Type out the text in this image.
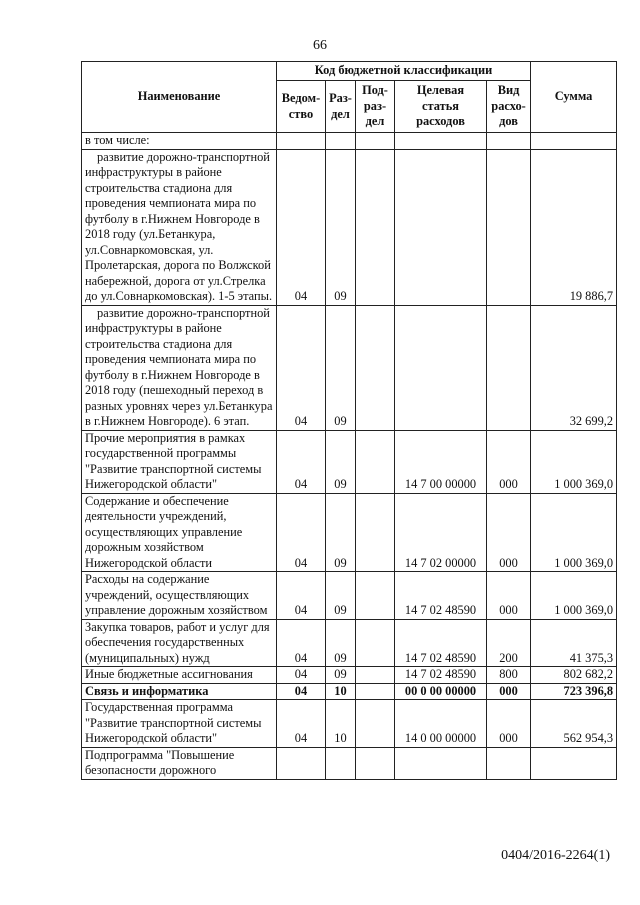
66
Наименование	Код бюджетной классификации					Сумма
	Ведом-ство	Раз-дел	Под-раз-дел	Целевая статья расходов	Вид расхо-дов	

в том числе:						

развитие дорожно-транспортной инфраструктуры в районе строительства стадиона для проведения чемпионата мира по футболу в г.Нижнем Новгороде в 2018 году (ул.Бетанкура, ул.Совнаркомовская, ул. Пролетарская, дорога по Волжской набережной, дорога от ул.Стрелка до ул.Совнаркомовская). 1-5 этапы.	04	09				19 886,7

развитие дорожно-транспортной инфраструктуры в районе строительства стадиона для проведения чемпионата мира по футболу в г.Нижнем Новгороде в 2018 году (пешеходный переход в разных уровнях через ул.Бетанкура в г.Нижнем Новгороде). 6 этап.	04	09				32 699,2

Прочие мероприятия в рамках государственной программы "Развитие транспортной системы Нижегородской области"	04	09		14 7 00 00000	000	1 000 369,0

Содержание и обеспечение деятельности учреждений, осуществляющих управление дорожным хозяйством Нижегородской области	04	09		14 7 02 00000	000	1 000 369,0

Расходы на содержание учреждений, осуществляющих управление дорожным хозяйством	04	09		14 7 02 48590	000	1 000 369,0

Закупка товаров, работ и услуг для обеспечения государственных (муниципальных) нужд	04	09		14 7 02 48590	200	41 375,3

Иные бюджетные ассигнования	04	09		14 7 02 48590	800	802 682,2

Связь и информатика	04	10		00 0 00 00000	000	723 396,8

Государственная программа "Развитие транспортной системы Нижегородской области"	04	10		14 0 00 00000	000	562 954,3

Подпрограмма "Повышение безопасности дорожного						

0404/2016-2264(1)
